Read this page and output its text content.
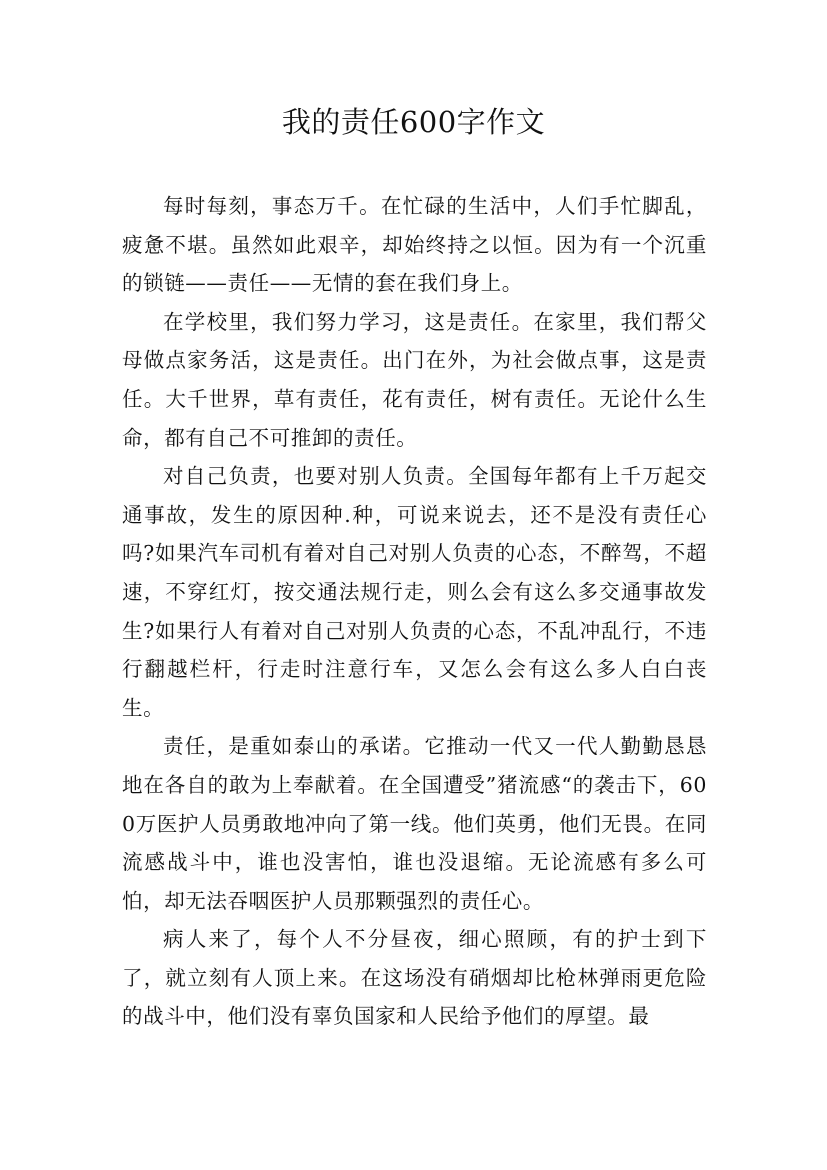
我的责任600字作文

每时每刻，事态万千。在忙碌的生活中，人们手忙脚乱，疲惫不堪。虽然如此艰辛，却始终持之以恒。因为有一个沉重的锁链——责任——无情的套在我们身上。

在学校里，我们努力学习，这是责任。在家里，我们帮父母做点家务活，这是责任。出门在外，为社会做点事，这是责任。大千世界，草有责任，花有责任，树有责任。无论什么生命，都有自己不可推卸的责任。

对自己负责，也要对别人负责。全国每年都有上千万起交通事故，发生的原因种.种，可说来说去，还不是没有责任心吗?如果汽车司机有着对自己对别人负责的心态，不醉驾，不超速，不穿红灯，按交通法规行走，则么会有这么多交通事故发生?如果行人有着对自己对别人负责的心态，不乱冲乱行，不违行翻越栏杆，行走时注意行车，又怎么会有这么多人白白丧生。

责任，是重如泰山的承诺。它推动一代又一代人勤勤恳恳地在各自的敢为上奉献着。在全国遭受”猪流感“的袭击下，600万医护人员勇敢地冲向了第一线。他们英勇，他们无畏。在同流感战斗中，谁也没害怕，谁也没退缩。无论流感有多么可怕，却无法吞咽医护人员那颗强烈的责任心。

病人来了，每个人不分昼夜，细心照顾，有的护士到下了，就立刻有人顶上来。在这场没有硝烟却比枪林弹雨更危险的战斗中，他们没有辜负国家和人民给予他们的厚望。最
